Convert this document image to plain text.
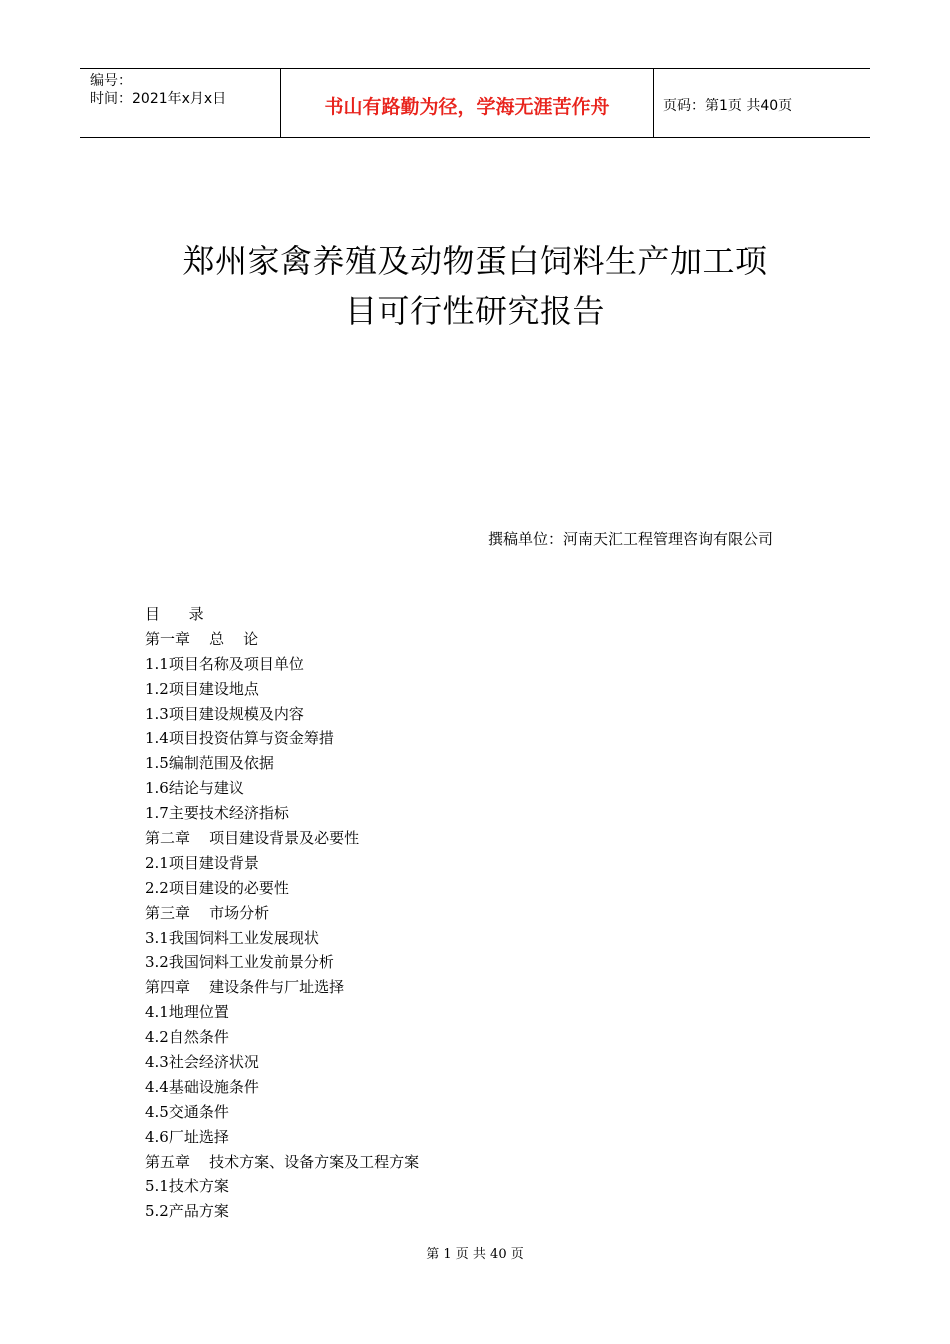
编号：
时间：2021年x月x日	书山有路勤为径，学海无涯苦作舟	页码：第1页 共40页
郑州家禽养殖及动物蛋白饲料生产加工项
目可行性研究报告
撰稿单位：河南天汇工程管理咨询有限公司
目      录
第一章    总    论
1.1项目名称及项目单位
1.2项目建设地点
1.3项目建设规模及内容
1.4项目投资估算与资金筹措
1.5编制范围及依据
1.6结论与建议
1.7主要技术经济指标
第二章    项目建设背景及必要性
2.1项目建设背景
2.2项目建设的必要性
第三章    市场分析
3.1我国饲料工业发展现状
3.2我国饲料工业发前景分析
第四章    建设条件与厂址选择
4.1地理位置
4.2自然条件
4.3社会经济状况
4.4基础设施条件
4.5交通条件
4.6厂址选择
第五章    技术方案、设备方案及工程方案
5.1技术方案
5.2产品方案
第 1 页 共 40 页
